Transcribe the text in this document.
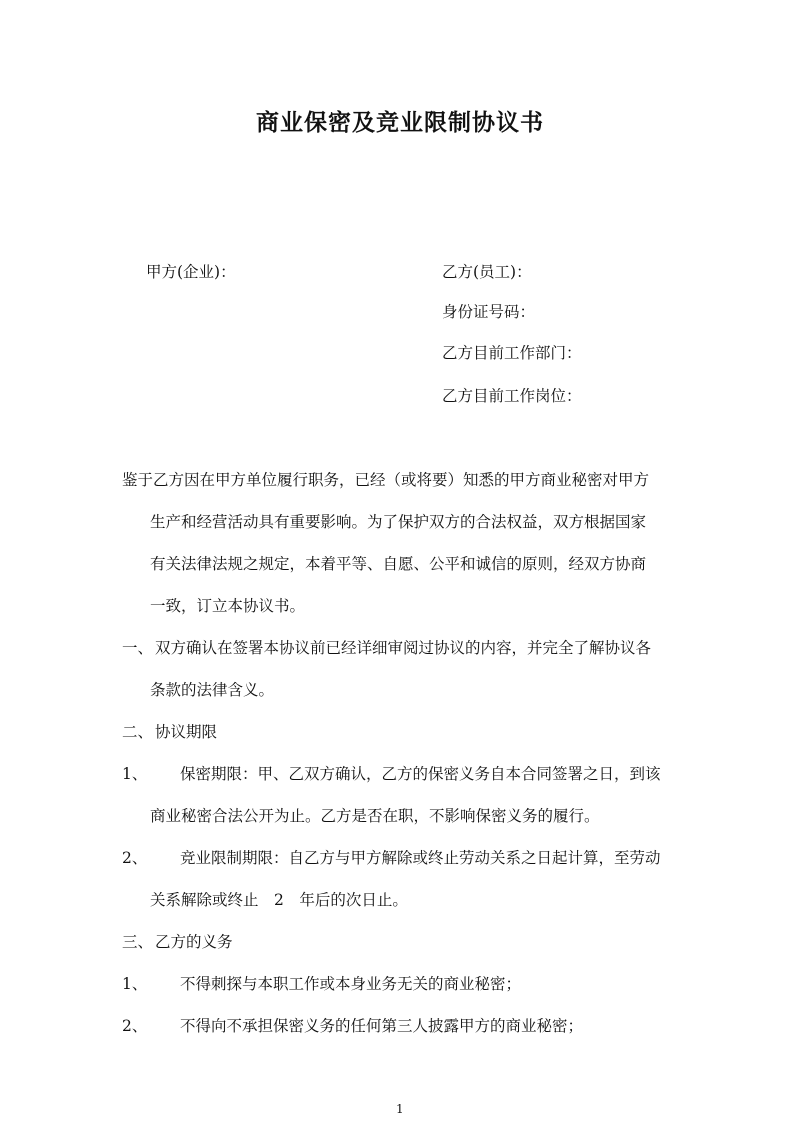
商业保密及竞业限制协议书
甲方(企业)：	乙方(员工)：
身份证号码：
乙方目前工作部门：
乙方目前工作岗位：
鉴于乙方因在甲方单位履行职务，已经（或将要）知悉的甲方商业秘密对甲方
生产和经营活动具有重要影响。为了保护双方的合法权益，双方根据国家
有关法律法规之规定，本着平等、自愿、公平和诚信的原则，经双方协商
一致，订立本协议书。
一、 双方确认在签署本协议前已经详细审阅过协议的内容，并完全了解协议各
条款的法律含义。
二、 协议期限
1、 保密期限：甲、乙双方确认，乙方的保密义务自本合同签署之日，到该
商业秘密合法公开为止。乙方是否在职，不影响保密义务的履行。
2、 竞业限制期限：自乙方与甲方解除或终止劳动关系之日起计算，至劳动
关系解除或终止　2　年后的次日止。
三、 乙方的义务
1、 不得刺探与本职工作或本身业务无关的商业秘密；
2、 不得向不承担保密义务的任何第三人披露甲方的商业秘密；
1
